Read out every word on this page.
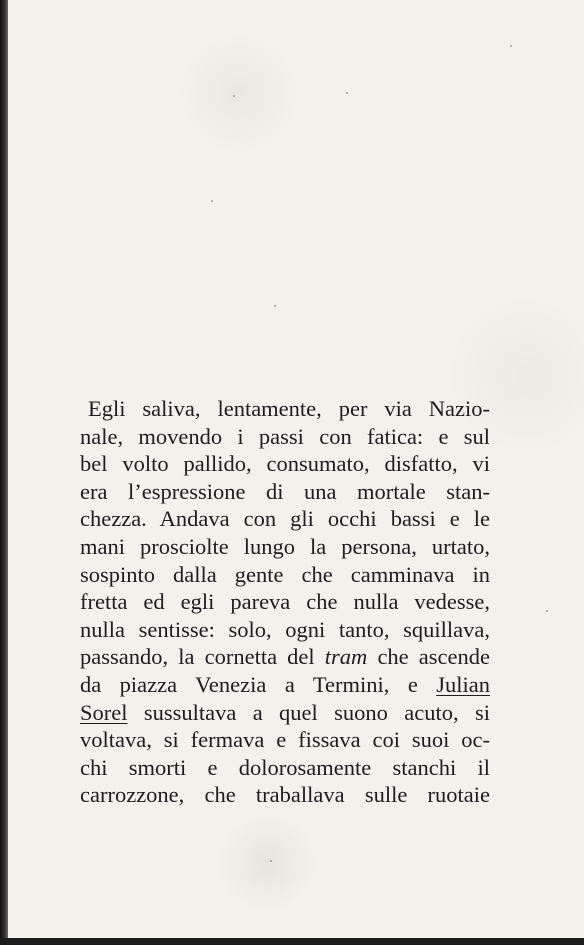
Egli saliva, lentamente, per via Nazio-
nale, movendo i passi con fatica: e sul
bel volto pallido, consumato, disfatto, vi
era l’espressione di una mortale stan-
chezza. Andava con gli occhi bassi e le
mani prosciolte lungo la persona, urtato,
sospinto dalla gente che camminava in
fretta ed egli pareva che nulla vedesse,
nulla sentisse: solo, ogni tanto, squillava,
passando, la cornetta del tram che ascende
da piazza Venezia a Termini, e Julian
Sorel sussultava a quel suono acuto, si
voltava, si fermava e fissava coi suoi oc-
chi smorti e dolorosamente stanchi il
carrozzone, che traballava sulle ruotaie
